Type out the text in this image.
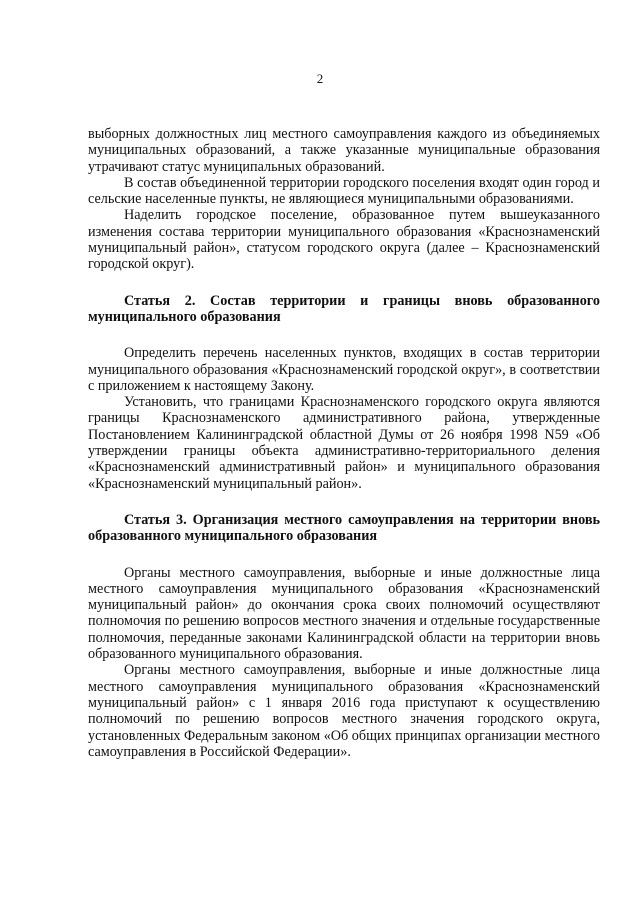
2

выборных должностных лиц местного самоуправления каждого из объединяемых муниципальных образований, а также указанные муниципальные образования утрачивают статус муниципальных образований.

В состав объединенной территории городского поселения входят один город и сельские населенные пункты, не являющиеся муниципальными образованиями.

Наделить городское поселение, образованное путем вышеуказанного изменения состава территории муниципального образования «Краснознаменский муниципальный район», статусом городского округа (далее – Краснознаменский городской округ).

Статья 2. Состав территории и границы вновь образованного муниципального образования

Определить перечень населенных пунктов, входящих в состав территории муниципального образования «Краснознаменский городской округ», в соответствии с приложением к настоящему Закону.

Установить, что границами Краснознаменского городского округа являются границы Краснознаменского административного района, утвержденные Постановлением Калининградской областной Думы от 26 ноября 1998 N59 «Об утверждении границы объекта административно-территориального деления «Краснознаменский административный район» и муниципального образования «Краснознаменский муниципальный район».

Статья 3. Организация местного самоуправления на территории вновь образованного муниципального образования

Органы местного самоуправления, выборные и иные должностные лица местного самоуправления муниципального образования «Краснознаменский муниципальный район» до окончания срока своих полномочий осуществляют полномочия по решению вопросов местного значения и отдельные государственные полномочия, переданные законами Калининградской области на территории вновь образованного муниципального образования.

Органы местного самоуправления, выборные и иные должностные лица местного самоуправления муниципального образования «Краснознаменский муниципальный район» с 1 января 2016 года приступают к осуществлению полномочий по решению вопросов местного значения городского округа, установленных Федеральным законом «Об общих принципах организации местного самоуправления в Российской Федерации».
